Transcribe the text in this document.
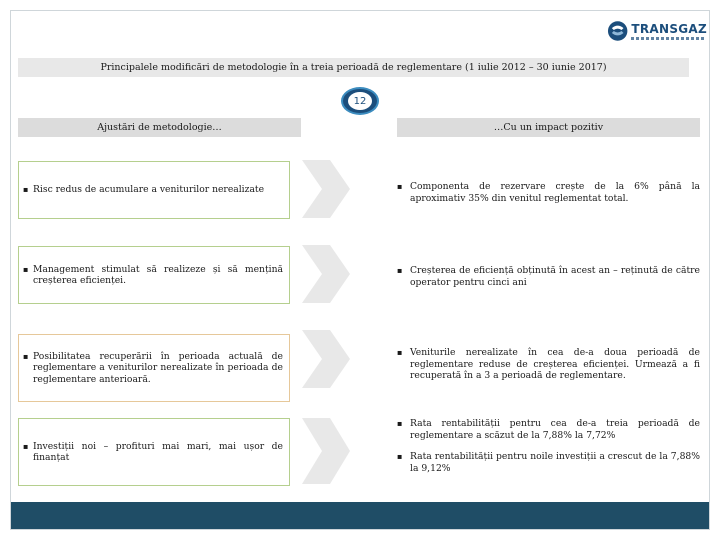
TRANSGAZ
Principalele modificări de metodologie în a treia perioadă de reglementare (1 iulie 2012 – 30 iunie 2017)
12
Ajustări de metodologie…	…Cu un impact pozitiv
▪ Risc redus de acumulare a veniturilor nerealizate
▪ Management stimulat să realizeze și să mențină creșterea eficienței.
▪ Posibilitatea recuperării în perioada actuală de reglementare a veniturilor nerealizate în perioada de reglementare anterioară.
▪ Investiții noi – profituri mai mari, mai ușor de finanțat
▪ Componenta de rezervare crește de la 6% până la aproximativ 35% din venitul reglementat total.
▪ Creșterea de eficiență obținută în acest an – reținută de către operator pentru cinci ani
▪ Veniturile nerealizate în cea de-a doua perioadă de reglementare reduse de creșterea eficienței. Urmează a fi recuperată în a 3 a perioadă de reglementare.
▪ Rata rentabilității pentru cea de-a treia perioadă de reglementare a scăzut de la 7,88% la 7,72%
▪ Rata rentabilității pentru noile investiții a crescut de la 7,88% la 9,12%
